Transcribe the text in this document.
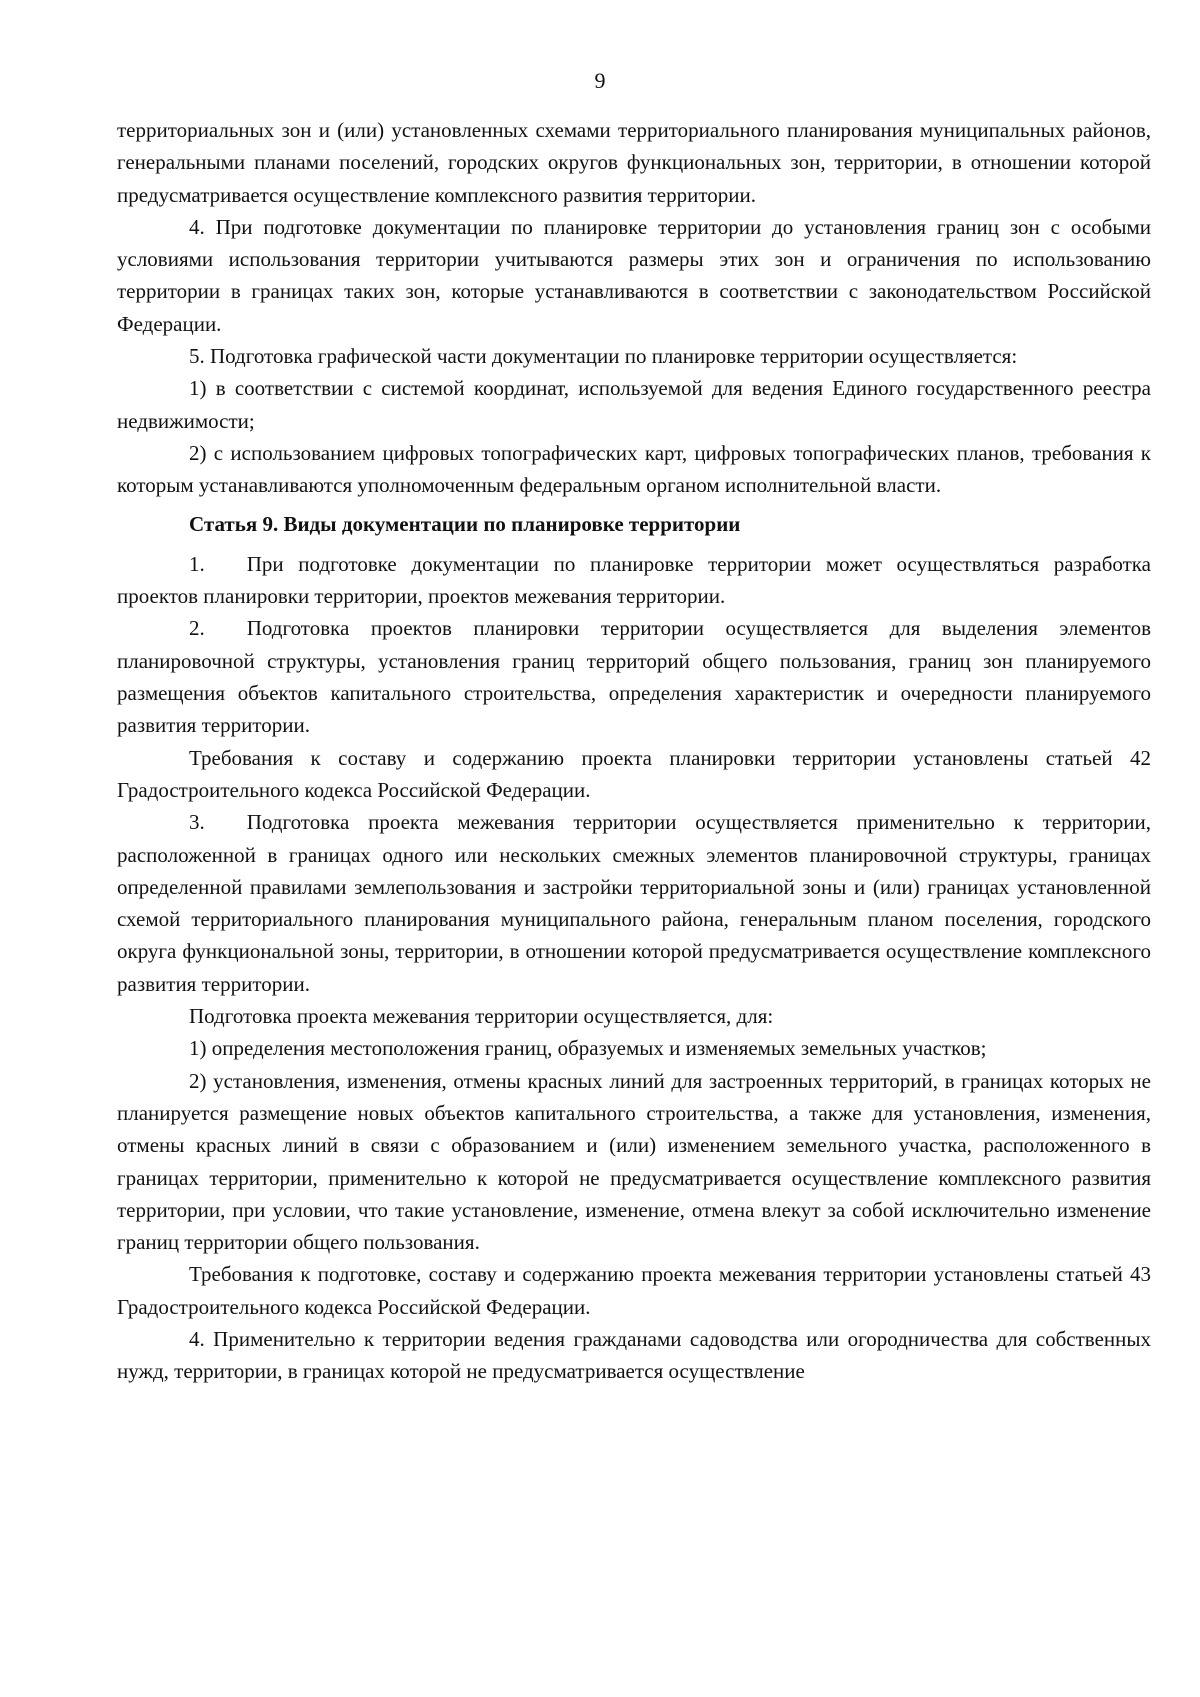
9

территориальных зон и (или) установленных схемами территориального планирования муниципальных районов, генеральными планами поселений, городских округов функциональных зон, территории, в отношении которой предусматривается осуществление комплексного развития территории.

4. При подготовке документации по планировке территории до установления границ зон с особыми условиями использования территории учитываются размеры этих зон и ограничения по использованию территории в границах таких зон, которые устанавливаются в соответствии с законодательством Российской Федерации.

5. Подготовка графической части документации по планировке территории осуществляется:

1) в соответствии с системой координат, используемой для ведения Единого государственного реестра недвижимости;

2) с использованием цифровых топографических карт, цифровых топографических планов, требования к которым устанавливаются уполномоченным федеральным органом исполнительной власти.

Статья 9. Виды документации по планировке территории

1.  При подготовке документации по планировке территории может осуществляться разработка проектов планировки территории, проектов межевания территории.

2.  Подготовка проектов планировки территории осуществляется для выделения элементов планировочной структуры, установления границ территорий общего пользования, границ зон планируемого размещения объектов капитального строительства, определения характеристик и очередности планируемого развития территории.

Требования к составу и содержанию проекта планировки территории установлены статьей 42 Градостроительного кодекса Российской Федерации.

3.  Подготовка проекта межевания территории осуществляется применительно к территории, расположенной в границах одного или нескольких смежных элементов планировочной структуры, границах определенной правилами землепользования и застройки территориальной зоны и (или) границах установленной схемой территориального планирования муниципального района, генеральным планом поселения, городского округа функциональной зоны, территории, в отношении которой предусматривается осуществление комплексного развития территории.

Подготовка проекта межевания территории осуществляется, для:

1) определения местоположения границ, образуемых и изменяемых земельных участков;

2) установления, изменения, отмены красных линий для застроенных территорий, в границах которых не планируется размещение новых объектов капитального строительства, а также для установления, изменения, отмены красных линий в связи с образованием и (или) изменением земельного участка, расположенного в границах территории, применительно к которой не предусматривается осуществление комплексного развития территории, при условии, что такие установление, изменение, отмена влекут за собой исключительно изменение границ территории общего пользования.

Требования к подготовке, составу и содержанию проекта межевания территории установлены статьей 43 Градостроительного кодекса Российской Федерации.

4. Применительно к территории ведения гражданами садоводства или огородничества для собственных нужд, территории, в границах которой не предусматривается осуществление
